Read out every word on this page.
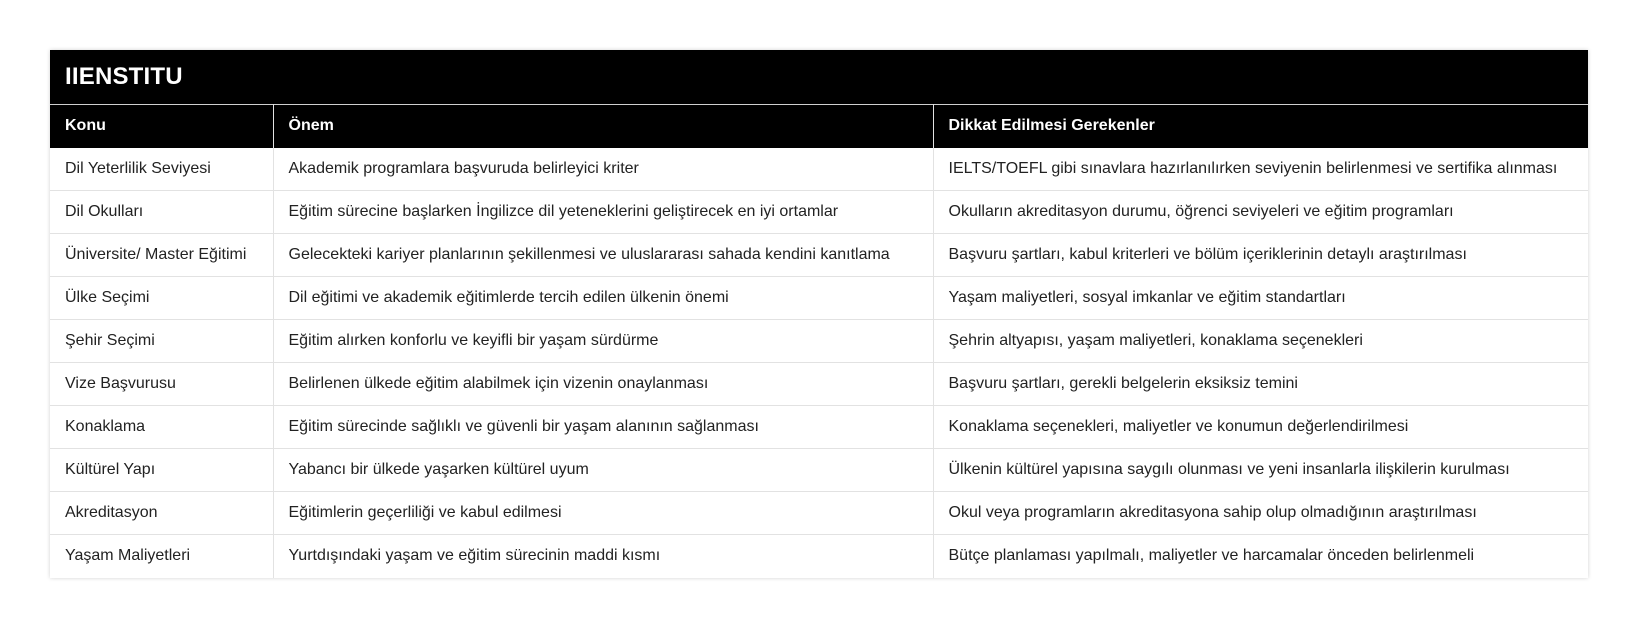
IIENSTITU
Konu	Önem	Dikkat Edilmesi Gerekenler
Dil Yeterlilik Seviyesi	Akademik programlara başvuruda belirleyici kriter	IELTS/TOEFL gibi sınavlara hazırlanılırken seviyenin belirlenmesi ve sertifika alınması
Dil Okulları	Eğitim sürecine başlarken İngilizce dil yeteneklerini geliştirecek en iyi ortamlar	Okulların akreditasyon durumu, öğrenci seviyeleri ve eğitim programları
Üniversite/ Master Eğitimi	Gelecekteki kariyer planlarının şekillenmesi ve uluslararası sahada kendini kanıtlama	Başvuru şartları, kabul kriterleri ve bölüm içeriklerinin detaylı araştırılması
Ülke Seçimi	Dil eğitimi ve akademik eğitimlerde tercih edilen ülkenin önemi	Yaşam maliyetleri, sosyal imkanlar ve eğitim standartları
Şehir Seçimi	Eğitim alırken konforlu ve keyifli bir yaşam sürdürme	Şehrin altyapısı, yaşam maliyetleri, konaklama seçenekleri
Vize Başvurusu	Belirlenen ülkede eğitim alabilmek için vizenin onaylanması	Başvuru şartları, gerekli belgelerin eksiksiz temini
Konaklama	Eğitim sürecinde sağlıklı ve güvenli bir yaşam alanının sağlanması	Konaklama seçenekleri, maliyetler ve konumun değerlendirilmesi
Kültürel Yapı	Yabancı bir ülkede yaşarken kültürel uyum	Ülkenin kültürel yapısına saygılı olunması ve yeni insanlarla ilişkilerin kurulması
Akreditasyon	Eğitimlerin geçerliliği ve kabul edilmesi	Okul veya programların akreditasyona sahip olup olmadığının araştırılması
Yaşam Maliyetleri	Yurtdışındaki yaşam ve eğitim sürecinin maddi kısmı	Bütçe planlaması yapılmalı, maliyetler ve harcamalar önceden belirlenmeli
